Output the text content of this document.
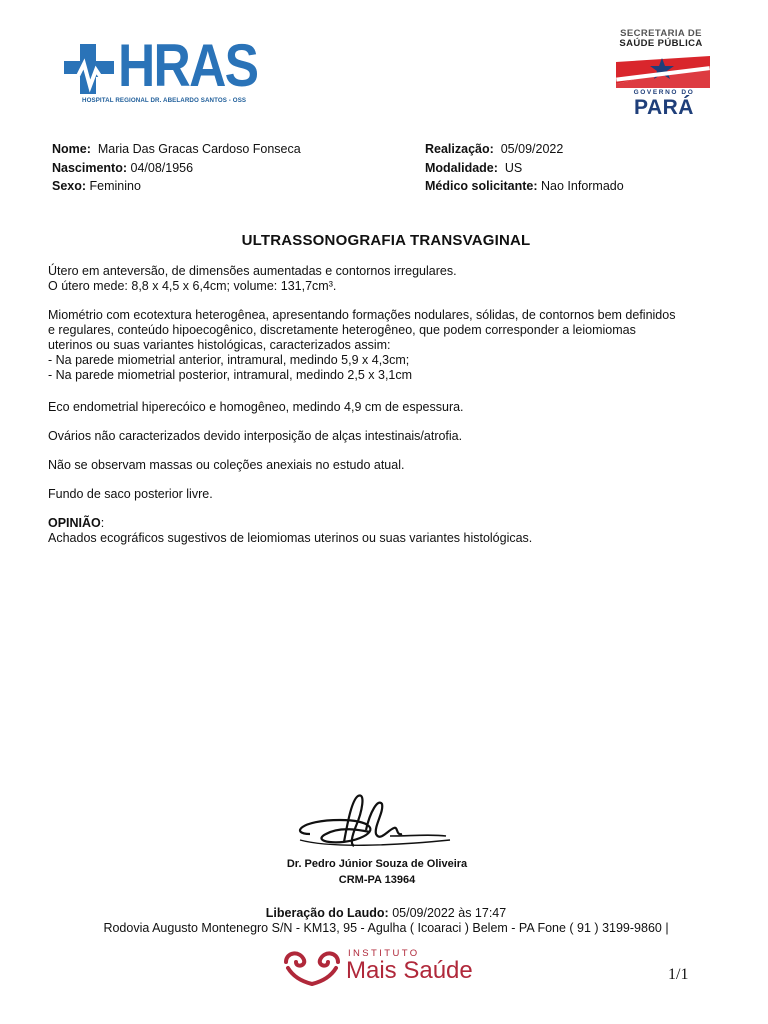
HRAS
HOSPITAL REGIONAL DR. ABELARDO SANTOS - OSS
SECRETARIA DE
SAÚDE PÚBLICA
GOVERNO DO
PARÁ
Nome: Maria Das Gracas Cardoso Fonseca
Nascimento: 04/08/1956
Sexo: Feminino
Realização: 05/09/2022
Modalidade: US
Médico solicitante: Nao Informado
ULTRASSONOGRAFIA TRANSVAGINAL

Útero em anteversão, de dimensões aumentadas e contornos irregulares.

O útero mede: 8,8 x 4,5 x 6,4cm; volume: 131,7cm³.

Miométrio com ecotextura heterogênea, apresentando formações nodulares, sólidas, de contornos bem definidos

e regulares, conteúdo hipoecogênico, discretamente heterogêneo, que podem corresponder a leiomiomas

uterinos ou suas variantes histológicas, caracterizados assim:

- Na parede miometrial anterior, intramural, medindo 5,9 x 4,3cm;

- Na parede miometrial posterior, intramural, medindo 2,5 x 3,1cm

Eco endometrial hiperecóico e homogêneo, medindo 4,9 cm de espessura.
Ovários não caracterizados devido interposição de alças intestinais/atrofia.
Não se observam massas ou coleções anexiais no estudo atual.
Fundo de saco posterior livre.

OPINIÃO:

Achados ecográficos sugestivos de leiomiomas uterinos ou suas variantes histológicas.

Dr. Pedro Júnior Souza de Oliveira
CRM-PA 13964
Liberação do Laudo: 05/09/2022 às 17:47
Rodovia Augusto Montenegro S/N - KM13, 95 - Agulha ( Icoaraci ) Belem - PA Fone ( 91 ) 3199-9860 |
INSTITUTO
Mais Saúde	1/1
